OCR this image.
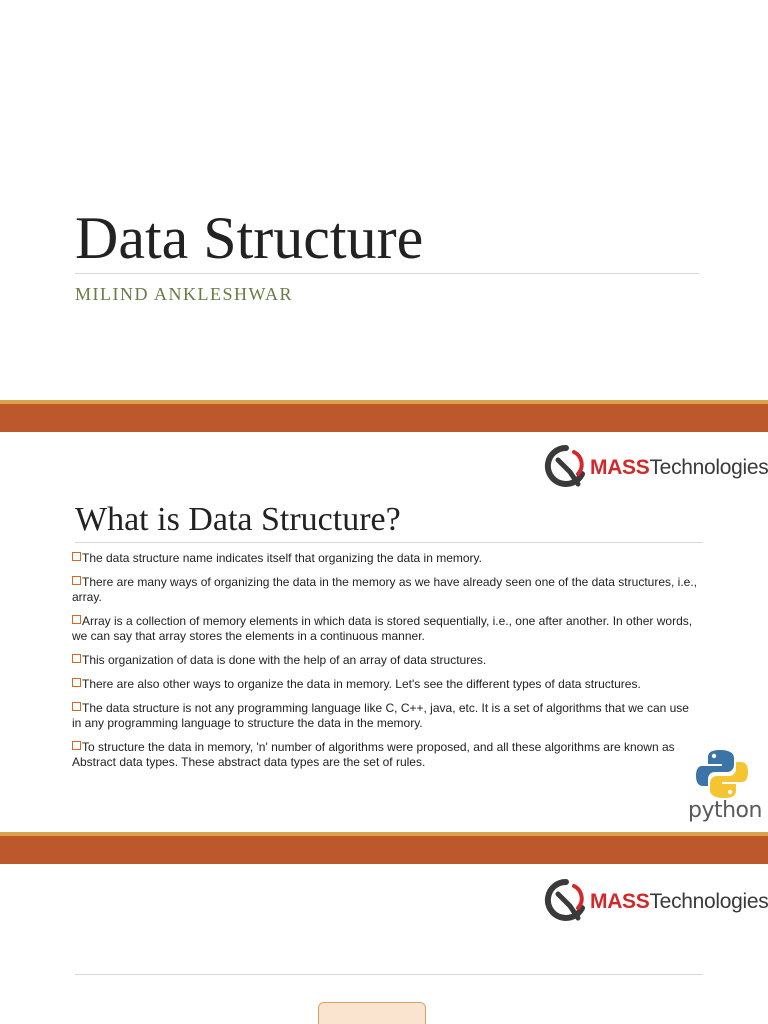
Data Structure

MILIND ANKLESHWAR

MASSTechnologies
What is Data Structure?
The data structure name indicates itself that organizing the data in memory.
There are many ways of organizing the data in the memory as we have already seen one of the data structures, i.e., array.
Array is a collection of memory elements in which data is stored sequentially, i.e., one after another. In other words, we can say that array stores the elements in a continuous manner.
This organization of data is done with the help of an array of data structures.
There are also other ways to organize the data in memory. Let's see the different types of data structures.
The data structure is not any programming language like C, C++, java, etc. It is a set of algorithms that we can use in any programming language to structure the data in the memory.
To structure the data in memory, 'n' number of algorithms were proposed, and all these algorithms are known as Abstract data types. These abstract data types are the set of rules.
python
MASSTechnologies
